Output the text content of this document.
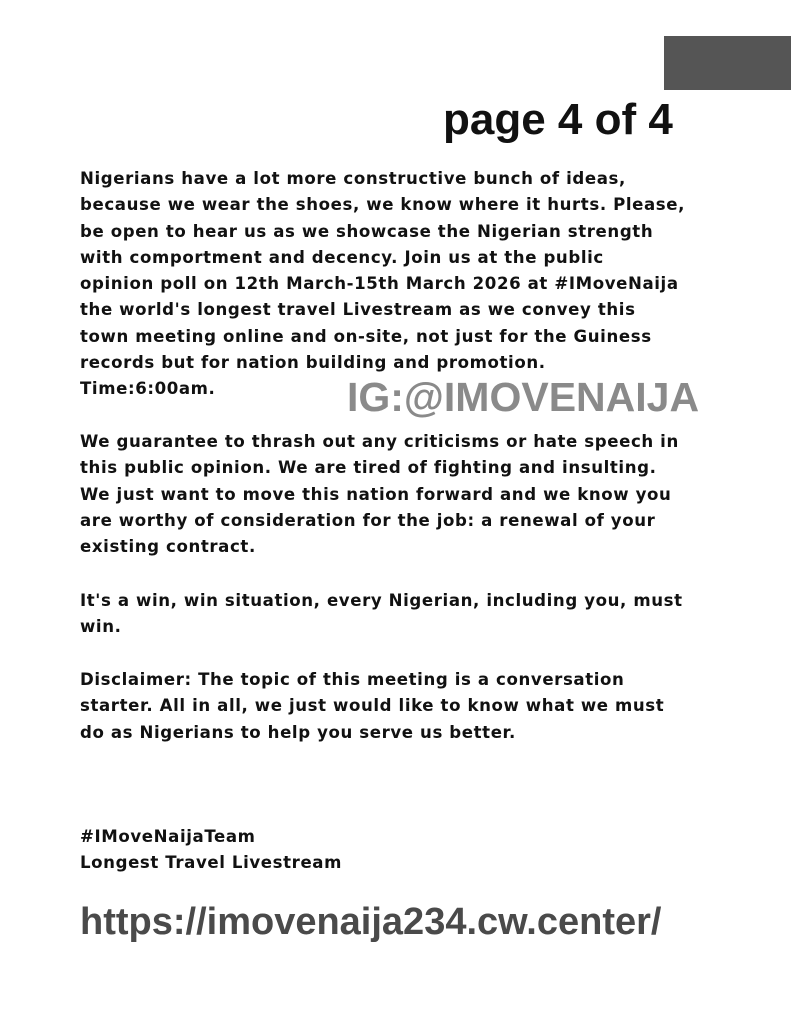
page 4 of 4

Nigerians have a lot more constructive bunch of ideas,
because we wear the shoes, we know where it hurts. Please,
be open to hear us as we showcase the Nigerian strength
with comportment and decency. Join us at the public
opinion poll on 12th March-15th March 2026 at #IMoveNaija
the world's longest travel Livestream as we convey this
town meeting online and on-site, not just for the Guiness
records but for nation building and promotion.
Time:6:00am.	IG:@IMOVENAIJA

We guarantee to thrash out any criticisms or hate speech in
this public opinion. We are tired of fighting and insulting.
We just want to move this nation forward and we know you
are worthy of consideration for the job: a renewal of your
existing contract.

It's a win, win situation, every Nigerian, including you, must
win.

Disclaimer: The topic of this meeting is a conversation
starter. All in all, we just would like to know what we must
do as Nigerians to help you serve us better.

#IMoveNaijaTeam
Longest Travel Livestream

https://imovenaija234.cw.center/
